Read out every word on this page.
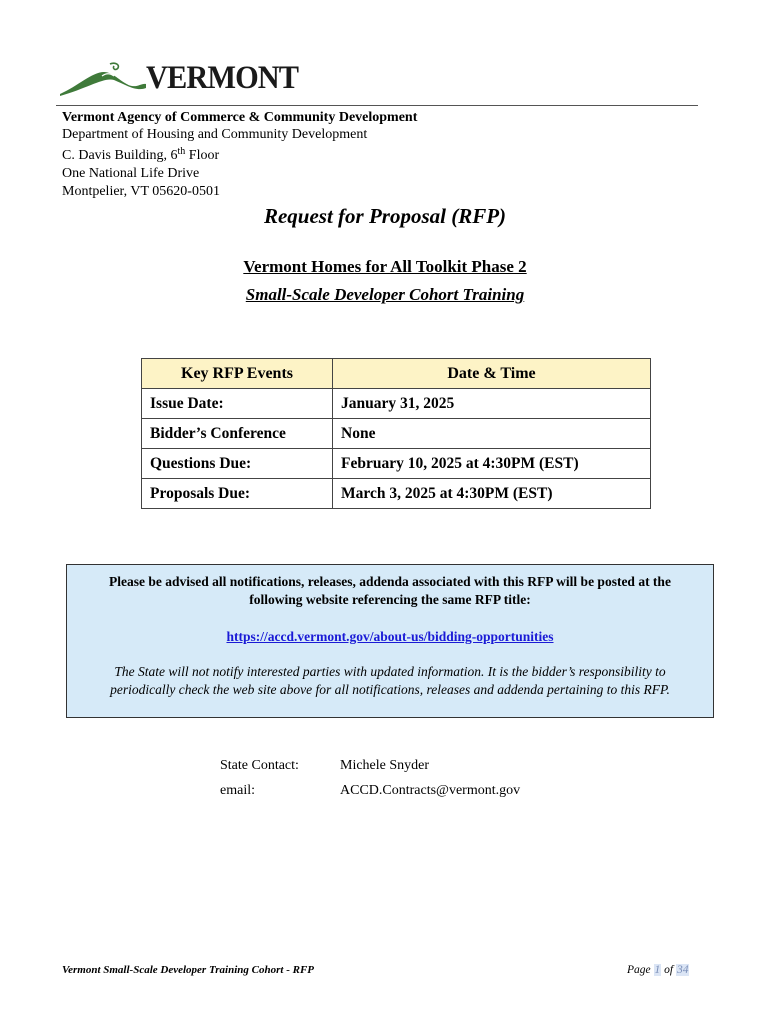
VERMONT
Vermont Agency of Commerce & Community Development
Department of Housing and Community Development
C. Davis Building, 6th Floor
One National Life Drive
Montpelier, VT 05620-0501
Request for Proposal (RFP)
Vermont Homes for All Toolkit Phase 2
Small-Scale Developer Cohort Training
Key RFP Events	Date & Time
Issue Date:	January 31, 2025
Bidder’s Conference	None
Questions Due:	February 10, 2025 at 4:30PM (EST)
Proposals Due:	March 3, 2025 at 4:30PM (EST)
Please be advised all notifications, releases, addenda associated with this RFP will be posted at the following website referencing the same RFP title:
https://accd.vermont.gov/about-us/bidding-opportunities
The State will not notify interested parties with updated information. It is the bidder’s responsibility to periodically check the web site above for all notifications, releases and addenda pertaining to this RFP.
State Contact:	Michele Snyder
email:	ACCD.Contracts@vermont.gov
Vermont Small-Scale Developer Training Cohort - RFP	Page 1 of 34
